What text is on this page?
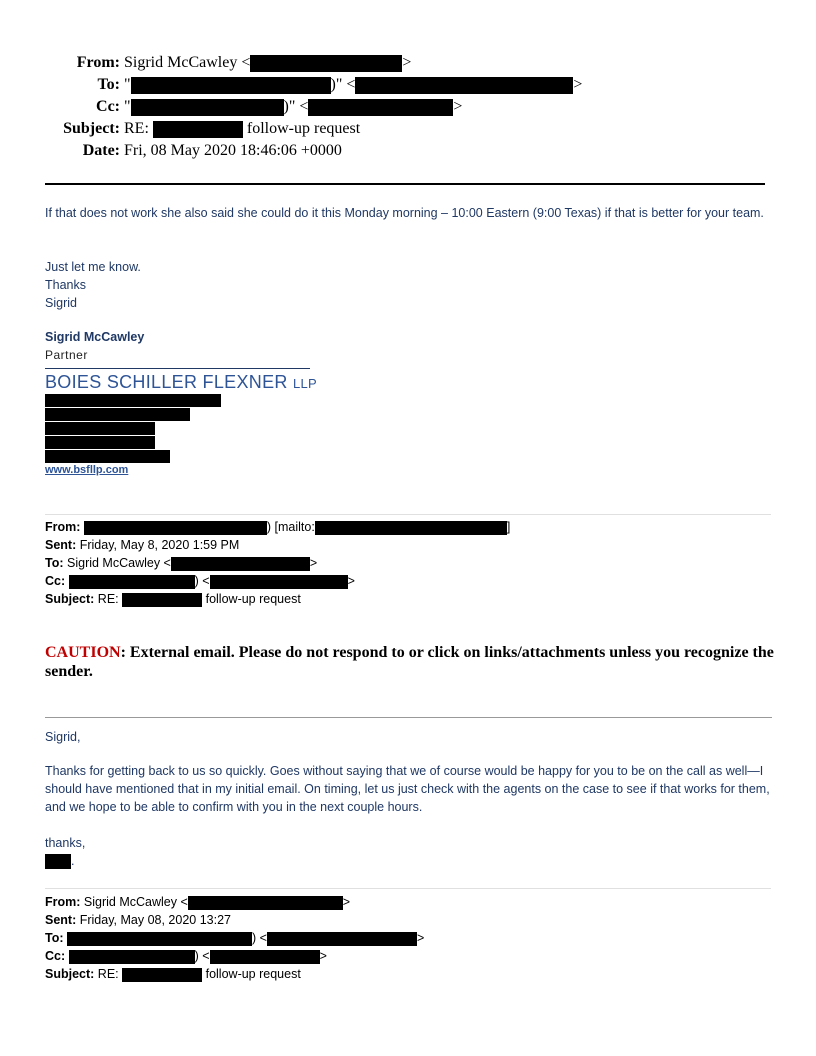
From: Sigrid McCawley <	>
To: "	)" <	>
Cc: "	)" <	>
Subject: RE:	follow-up request
Date: Fri, 08 May 2020 18:46:06 +0000
If that does not work she also said she could do it this Monday morning – 10:00 Eastern (9:00 Texas) if that is better for your team.
Just let me know.
Thanks
Sigrid
Sigrid McCawley
Partner
BOIES SCHILLER FLEXNER LLP
www.bsfllp.com
From:	) [mailto:	]
Sent: Friday, May 8, 2020 1:59 PM
To: Sigrid McCawley <	>
Cc:	) <	>
Subject: RE:	follow-up request
CAUTION: External email. Please do not respond to or click on links/attachments unless you recognize the sender.
Sigrid,
Thanks for getting back to us so quickly. Goes without saying that we of course would be happy for you to be on the call as well—I should have mentioned that in my initial email. On timing, let us just check with the agents on the case to see if that works for them, and we hope to be able to confirm with you in the next couple hours.
thanks,
.
From: Sigrid McCawley <	>
Sent: Friday, May 08, 2020 13:27
To:	) <	>
Cc:	) <	>
Subject: RE:	follow-up request
